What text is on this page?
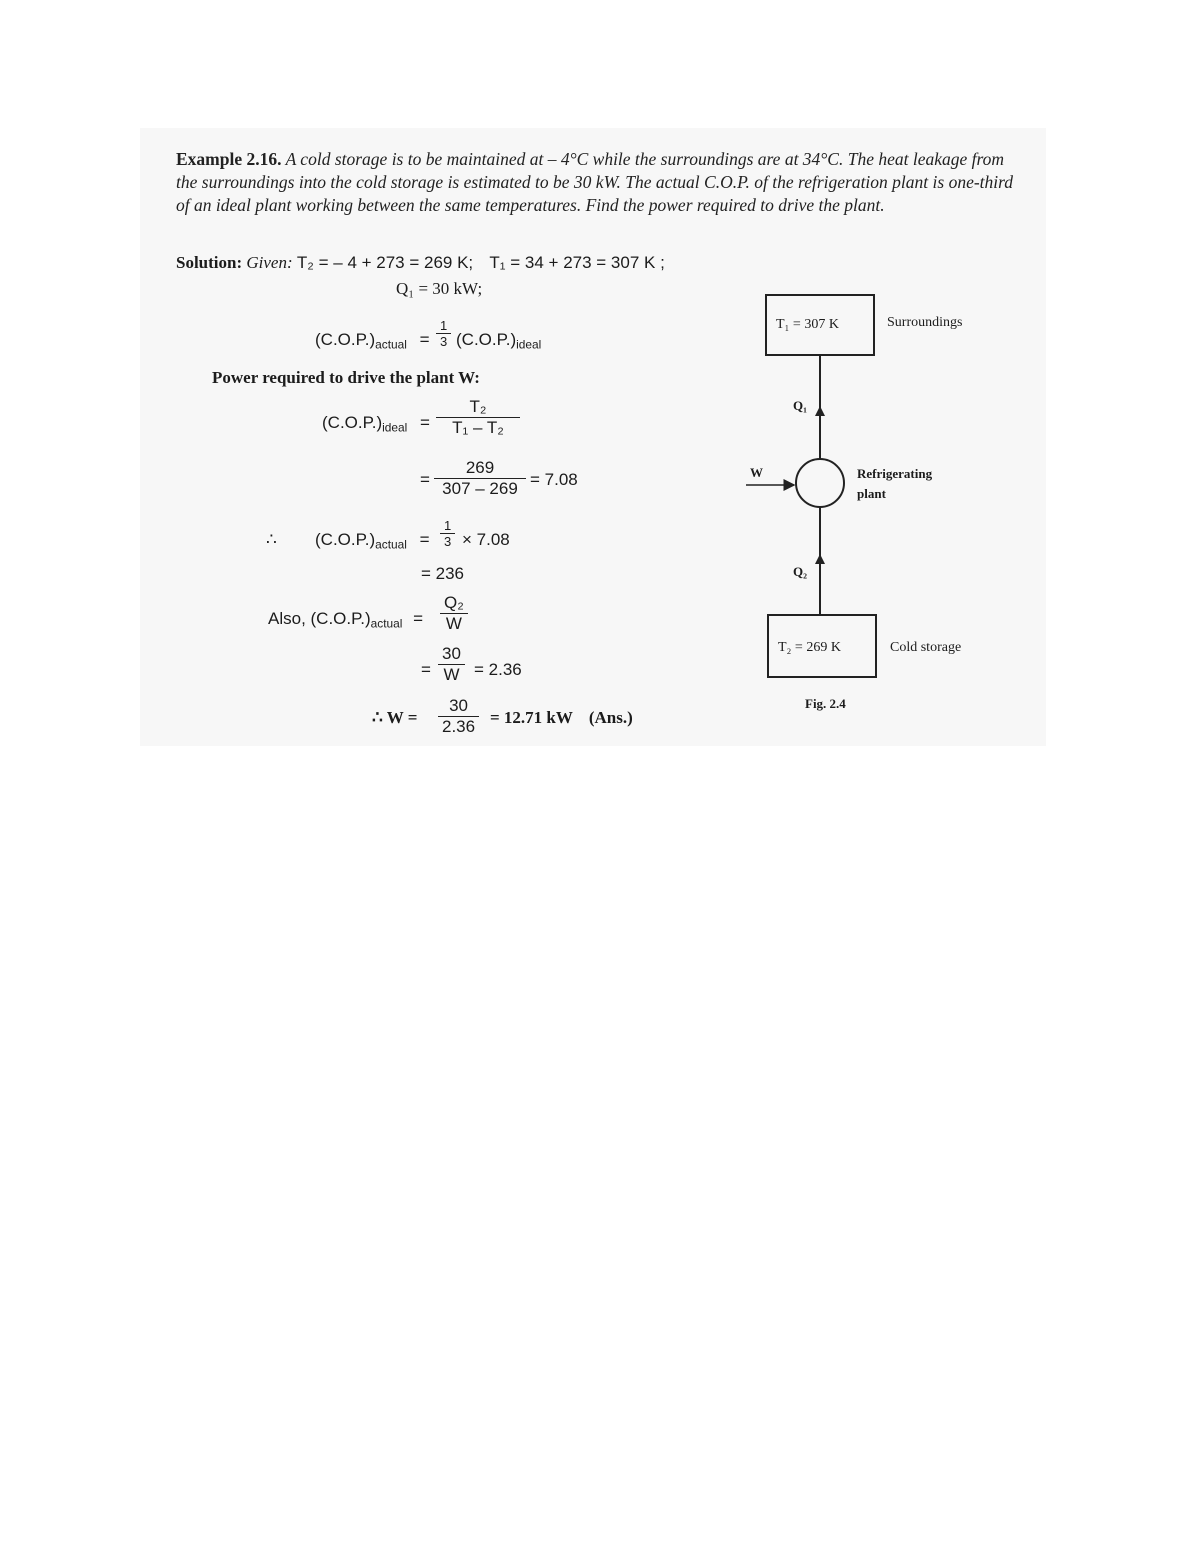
Example 2.16. A cold storage is to be maintained at – 4°C while the surroundings are at 34°C. The heat leakage from the surroundings into the cold storage is estimated to be 30 kW. The actual C.O.P. of the refrigeration plant is one-third of an ideal plant working between the same temperatures. Find the power required to drive the plant.
Solution: Given: T₂ = – 4 + 273 = 269 K; T₁ = 34 + 273 = 307 K ;
Q₁ = 30 kW;
$(C.O.P.)_{actual} = \frac{1}{3} (C.O.P.)_{ideal}$
Power required to drive the plant W:
$(C.O.P.)_{ideal} = \frac{\text{T₂}}{\text{T₁ – T₂}}$
= $\frac{269}{307 - 269} = 7.08$
∴ $(C.O.P.)_{actual} = \frac{1}{3} \times 7.08$
= 236
Also, $(C.O.P.)_{actual} = \frac{\text{Q₂}}{W}$
= $\frac{30}{W} = 2.36$
∴ $W = \frac{30}{2.36} = 12.71$ kW (Ans.)
T₁ = 307 K	Surroundings
Q₁
W	Refrigerating
plant
Q₂
T₂ = 269 K	Cold storage
Fig. 2.4
